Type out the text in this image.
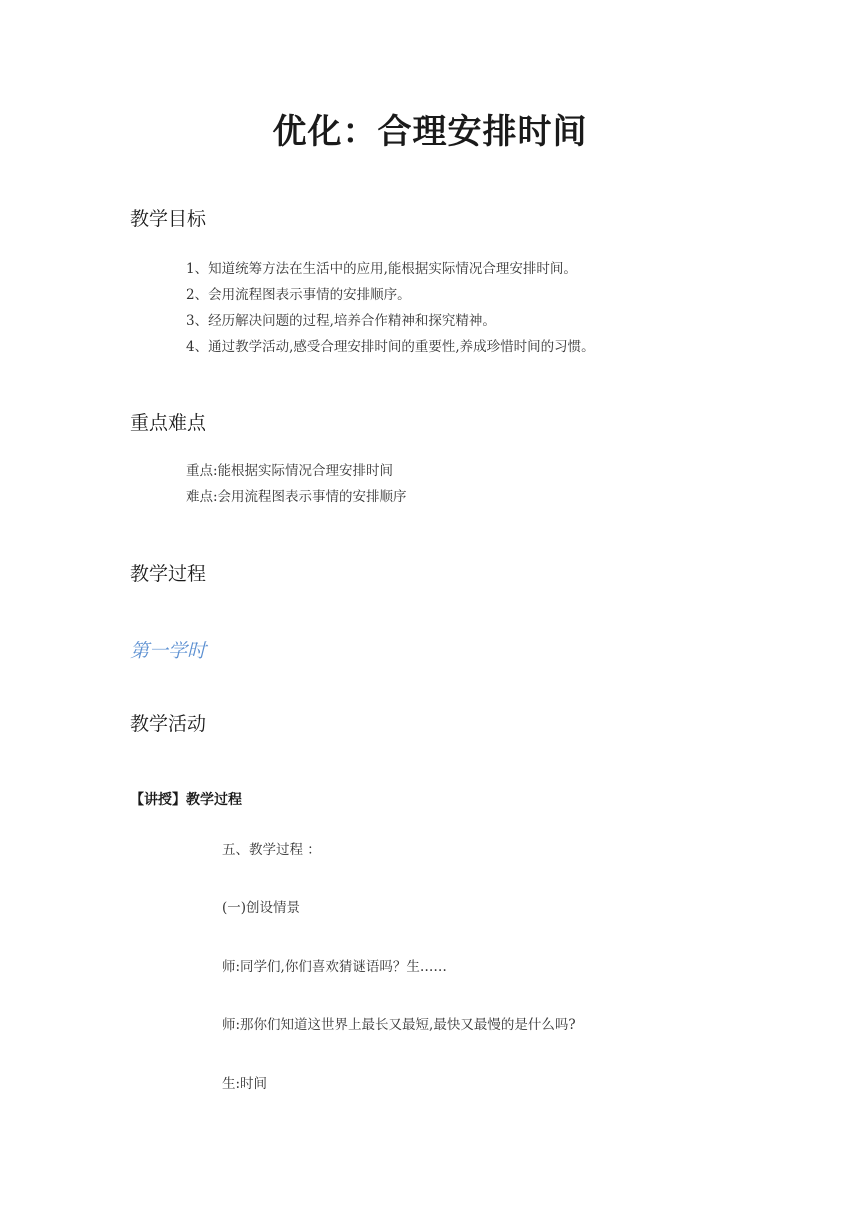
优化：合理安排时间
教学目标
1、知道统筹方法在生活中的应用,能根据实际情况合理安排时间。
2、会用流程图表示事情的安排顺序。
3、经历解决问题的过程,培养合作精神和探究精神。
4、通过教学活动,感受合理安排时间的重要性,养成珍惜时间的习惯。
重点难点
重点:能根据实际情况合理安排时间
难点:会用流程图表示事情的安排顺序
教学过程
第一学时
教学活动
【讲授】教学过程
五、教学过程 ：
(一)创设情景
师:同学们,你们喜欢猜谜语吗？生……
师:那你们知道这世界上最长又最短,最快又最慢的是什么吗?
生:时间
